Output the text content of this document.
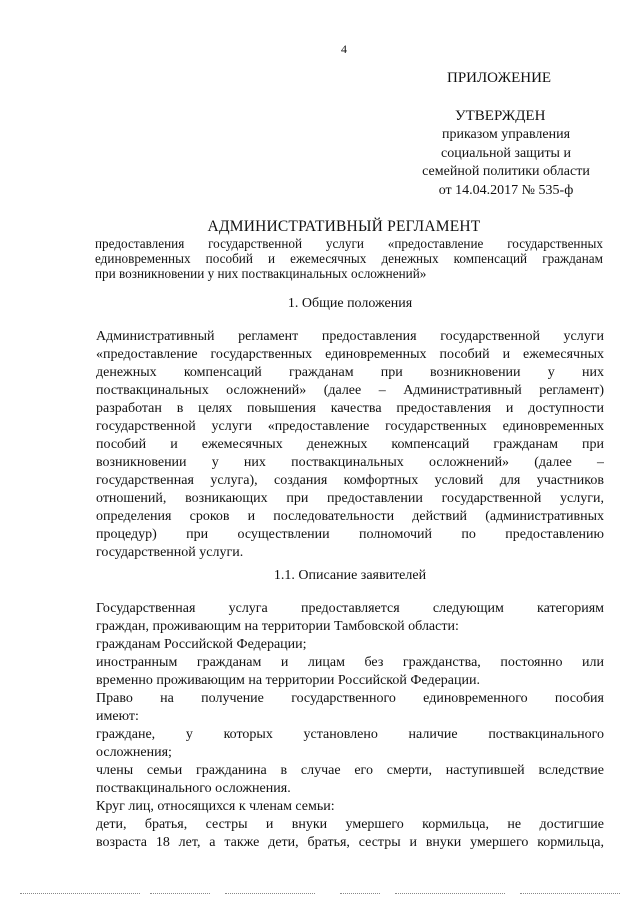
4
ПРИЛОЖЕНИЕ
УТВЕРЖДЕН
приказом управления
социальной защиты и
семейной политики области
от 14.04.2017 № 535-ф
АДМИНИСТРАТИВНЫЙ РЕГЛАМЕНТ
предоставления государственной услуги «предоставление государственных
единовременных пособий и ежемесячных денежных компенсаций гражданам
при возникновении у них поствакцинальных осложнений»
1. Общие положения
Административный регламент предоставления государственной услуги
«предоставление государственных единовременных пособий и ежемесячных
денежных компенсаций гражданам при возникновении у них
поствакцинальных осложнений» (далее – Административный регламент)
разработан в целях повышения качества предоставления и доступности
государственной услуги «предоставление государственных единовременных
пособий и ежемесячных денежных компенсаций гражданам при
возникновении у них поствакцинальных осложнений» (далее –
государственная услуга), создания комфортных условий для участников
отношений, возникающих при предоставлении государственной услуги,
определения сроков и последовательности действий (административных
процедур) при осуществлении полномочий по предоставлению
государственной услуги.
1.1. Описание заявителей
Государственная услуга предоставляется следующим категориям
граждан, проживающим на территории Тамбовской области:
гражданам Российской Федерации;
иностранным гражданам и лицам без гражданства, постоянно или
временно проживающим на территории Российской Федерации.
Право на получение государственного единовременного пособия
имеют:
граждане, у которых установлено наличие поствакцинального
осложнения;
члены семьи гражданина в случае его смерти, наступившей вследствие
поствакцинального осложнения.
Круг лиц, относящихся к членам семьи:
дети, братья, сестры и внуки умершего кормильца, не достигшие
возраста 18 лет, а также дети, братья, сестры и внуки умершего кормильца,
